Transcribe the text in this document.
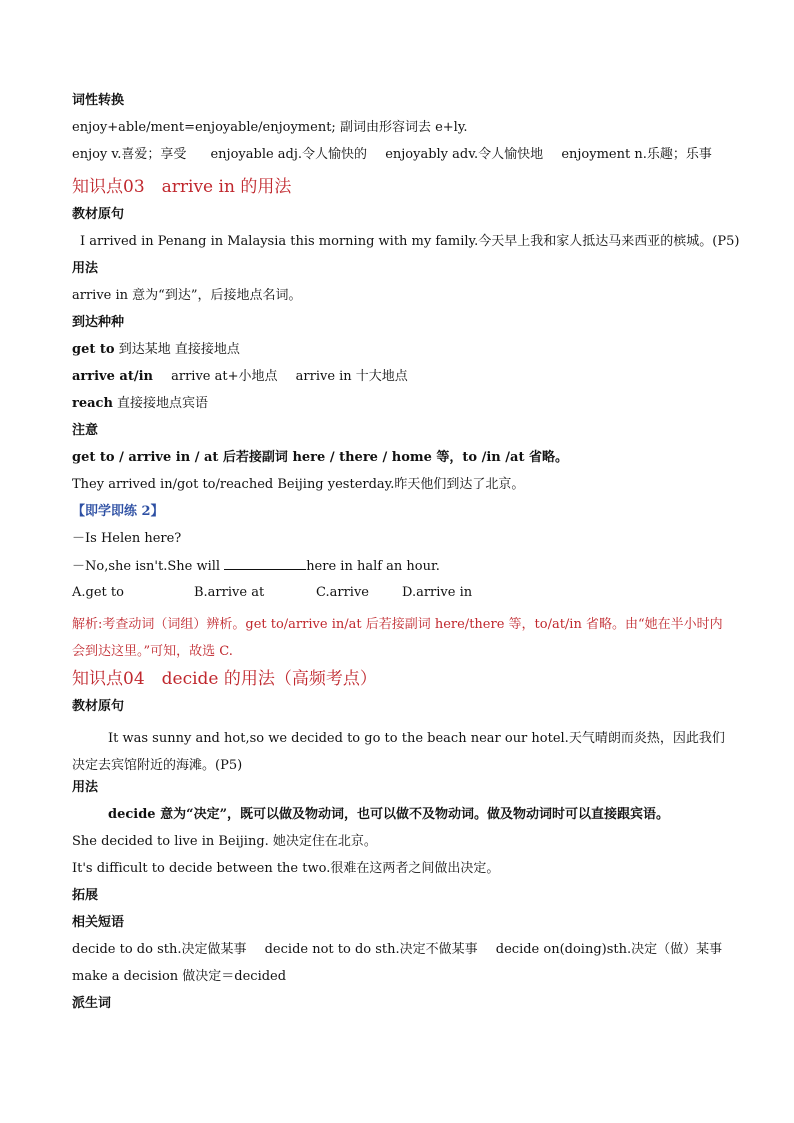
词性转换
enjoy+able/ment=enjoyable/enjoyment; 副词由形容词去 e+ly.
enjoy v.喜爱；享受 enjoyable adj.令人愉快的 enjoyably adv.令人愉快地 enjoyment n.乐趣；乐事
知识点03　arrive in 的用法
教材原句
I arrived in Penang in Malaysia this morning with my family.今天早上我和家人抵达马来西亚的槟城。(P5)
用法
arrive in 意为“到达”，后接地点名词。
到达种种
get to 到达某地 直接接地点
arrive at/in arrive at+小地点 arrive in 十大地点
reach 直接接地点宾语
注意
get to / arrive in / at 后若接副词 here / there / home 等，to /in /at 省略。
They arrived in/got to/reached Beijing yesterday.昨天他们到达了北京。
【即学即练 2】
－Is Helen here?
－No,she isn't.She will	here in half an hour.
A.get to	B.arrive at	C.arrive	D.arrive in
解析:考查动词（词组）辨析。get to/arrive in/at 后若接副词 here/there 等，to/at/in 省略。由“她在半小时内会到达这里。”可知，故选 C.
知识点04　decide 的用法（高频考点）
教材原句
It was sunny and hot,so we decided to go to the beach near our hotel.天气晴朗而炎热，因此我们决定去宾馆附近的海滩。(P5)
用法
decide 意为“决定”，既可以做及物动词，也可以做不及物动词。做及物动词时可以直接跟宾语。
She decided to live in Beijing. 她决定住在北京。
It's difficult to decide between the two.很难在这两者之间做出决定。
拓展
相关短语
decide to do sth.决定做某事 decide not to do sth.决定不做某事 decide on(doing)sth.决定（做）某事
make a decision 做决定＝decided
派生词
